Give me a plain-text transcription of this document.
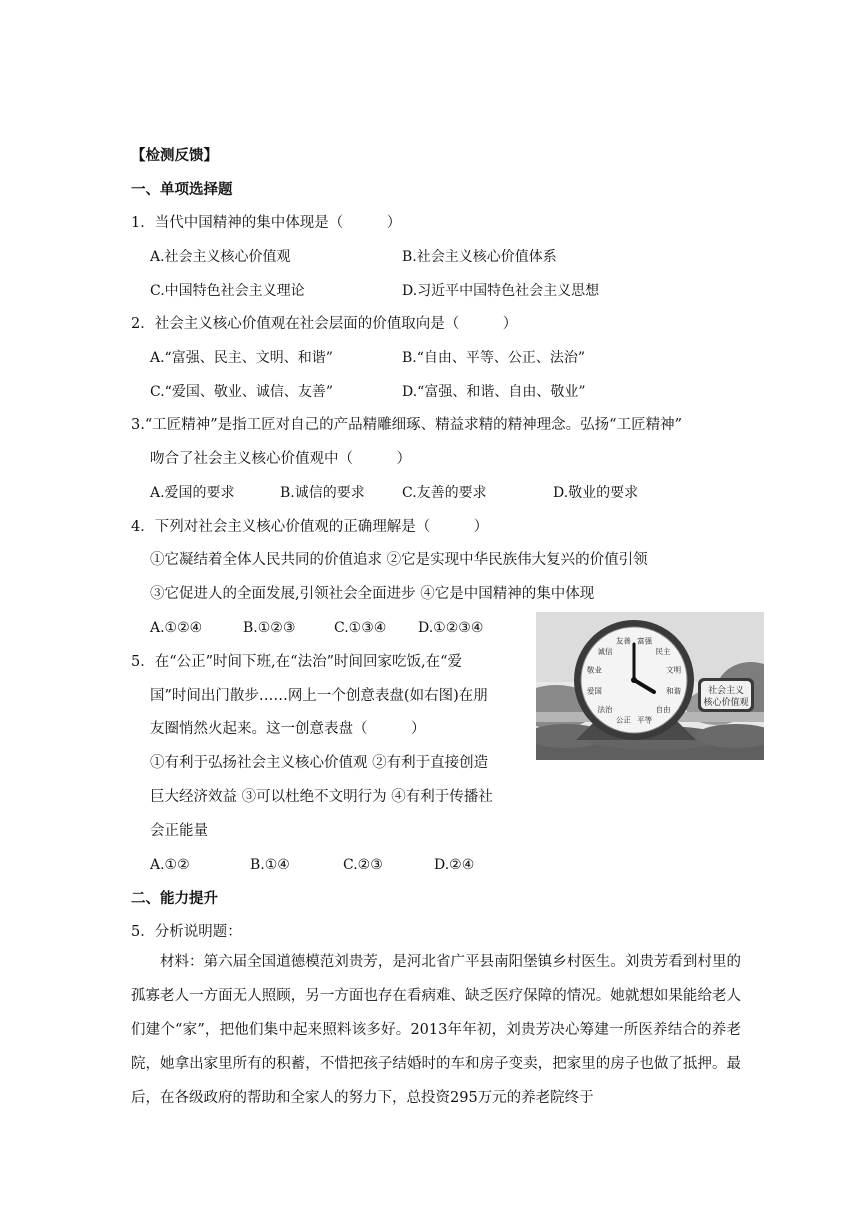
【检测反馈】
一、单项选择题
1．当代中国精神的集中体现是（　　　）
A.社会主义核心价值观	B.社会主义核心价值体系
C.中国特色社会主义理论	D.习近平中国特色社会主义思想
2．社会主义核心价值观在社会层面的价值取向是（　　　）
A.“富强、民主、文明、和谐”	B.“自由、平等、公正、法治”
C.“爱国、敬业、诚信、友善”	D.“富强、和谐、自由、敬业”
3.“工匠精神”是指工匠对自己的产品精雕细琢、精益求精的精神理念。弘扬“工匠精神”
吻合了社会主义核心价值观中（　　　）
A.爱国的要求	B.诚信的要求	C.友善的要求	D.敬业的要求
4．下列对社会主义核心价值观的正确理解是（　　　）
①它凝结着全体人民共同的价值追求 ②它是实现中华民族伟大复兴的价值引领
③它促进人的全面发展,引领社会全面进步 ④它是中国精神的集中体现
A.①②④	B.①②③	C.①③④ D.①②③④
5．在“公正”时间下班,在“法治”时间回家吃饭,在“爱
国”时间出门散步……网上一个创意表盘(如右图)在朋
友圈悄然火起来。这一创意表盘（　　　）
①有利于弘扬社会主义核心价值观 ②有利于直接创造
巨大经济效益 ③可以杜绝不文明行为 ④有利于传播社
会正能量
A.①②	B.①④	C.②③	D.②④
富强
民主
文明
和谐
自由
平等
公正
法治
爱国
敬业
诚信
友善
社会主义
核心价值观
二、能力提升
5．分析说明题：
材料：第六届全国道德模范刘贵芳，是河北省广平县南阳堡镇乡村医生。刘贵芳看到村里的孤寡老人一方面无人照顾，另一方面也存在看病难、缺乏医疗保障的情况。她就想如果能给老人们建个“家”，把他们集中起来照料该多好。2013年年初，刘贵芳决心筹建一所医养结合的养老院，她拿出家里所有的积蓄，不惜把孩子结婚时的车和房子变卖，把家里的房子也做了抵押。最后，在各级政府的帮助和全家人的努力下，总投资295万元的养老院终于
